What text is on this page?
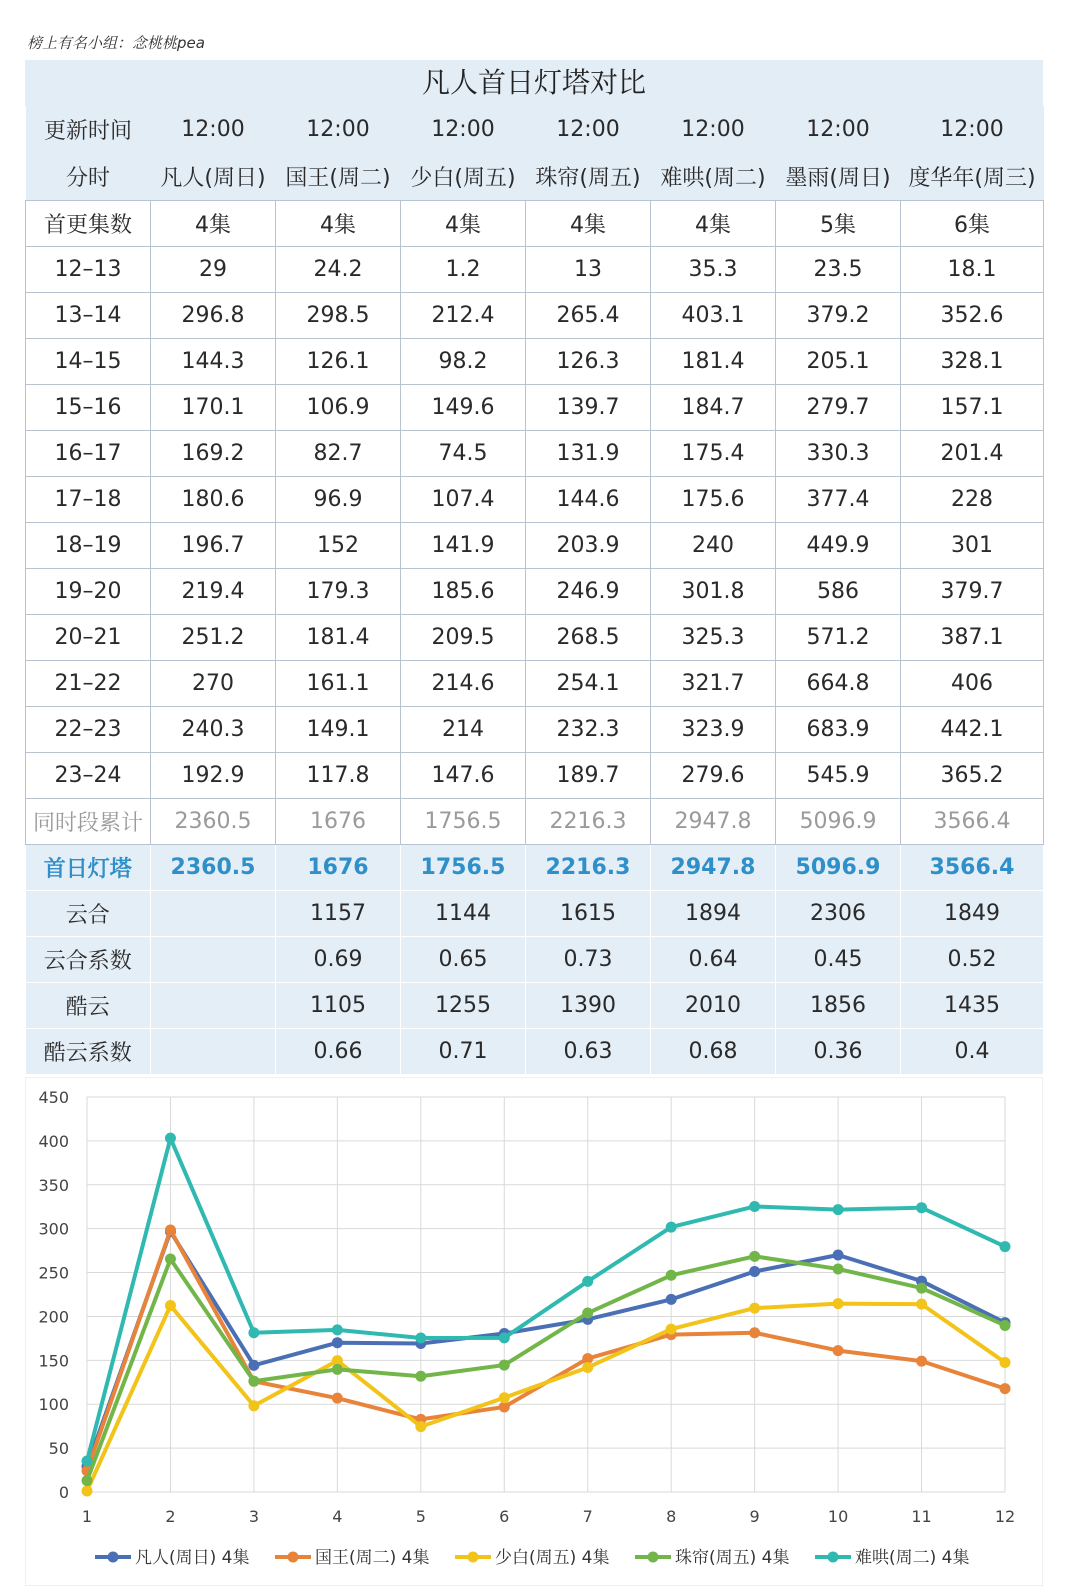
榜上有名小组：念桃桃pea
凡人首日灯塔对比
更新时间	12:00	12:00	12:00	12:00	12:00	12:00	12:00
分时	凡人(周日)	国王(周二)	少白(周五)	珠帘(周五)	难哄(周二)	墨雨(周日)	度华年(周三)
首更集数	4集	4集	4集	4集	4集	5集	6集
12–13	29	24.2	1.2	13	35.3	23.5	18.1
13–14	296.8	298.5	212.4	265.4	403.1	379.2	352.6
14–15	144.3	126.1	98.2	126.3	181.4	205.1	328.1
15–16	170.1	106.9	149.6	139.7	184.7	279.7	157.1
16–17	169.2	82.7	74.5	131.9	175.4	330.3	201.4
17–18	180.6	96.9	107.4	144.6	175.6	377.4	228
18–19	196.7	152	141.9	203.9	240	449.9	301
19–20	219.4	179.3	185.6	246.9	301.8	586	379.7
20–21	251.2	181.4	209.5	268.5	325.3	571.2	387.1
21–22	270	161.1	214.6	254.1	321.7	664.8	406
22–23	240.3	149.1	214	232.3	323.9	683.9	442.1
23–24	192.9	117.8	147.6	189.7	279.6	545.9	365.2
同时段累计	2360.5	1676	1756.5	2216.3	2947.8	5096.9	3566.4
首日灯塔	2360.5	1676	1756.5	2216.3	2947.8	5096.9	3566.4
云合		1157	1144	1615	1894	2306	1849
云合系数		0.69	0.65	0.73	0.64	0.45	0.52
酷云		1105	1255	1390	2010	1856	1435
酷云系数		0.66	0.71	0.63	0.68	0.36	0.4
0
50
100
150
200
250
300
350
400
450
1	2	3	4	5	6	7	8	9	10	11	12
凡人(周日) 4集	国王(周二) 4集	少白(周五) 4集	珠帘(周五) 4集	难哄(周二) 4集
